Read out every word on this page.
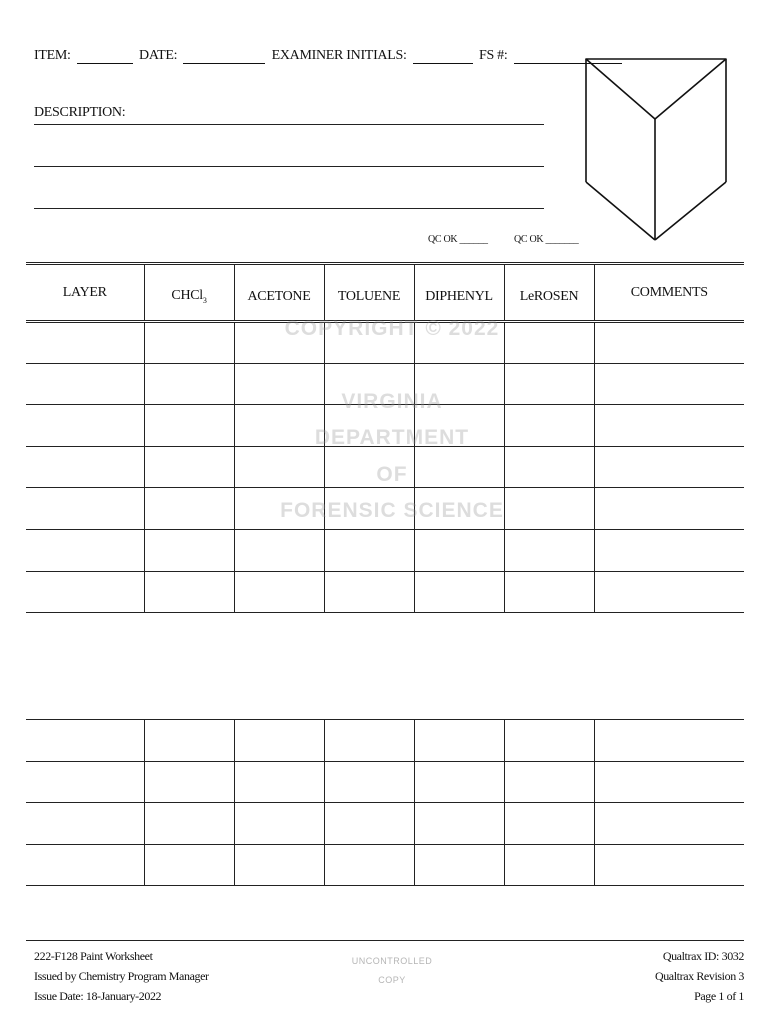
ITEM:	DATE:	EXAMINER INITIALS:	FS #:
DESCRIPTION:
QC OK ______	QC OK _______
LAYER	CHCl$_3$	ACETONE	TOLUENE	DIPHENYL	LeROSEN	COMMENTS

COPYRIGHT © 2022
VIRGINIA
DEPARTMENT
OF
FORENSIC SCIENCE
222-F128 Paint Worksheet
Issued by Chemistry Program Manager
Issue Date: 18-January-2022
UNCONTROLLED
COPY
Qualtrax ID: 3032
Qualtrax Revision 3
Page 1 of 1
